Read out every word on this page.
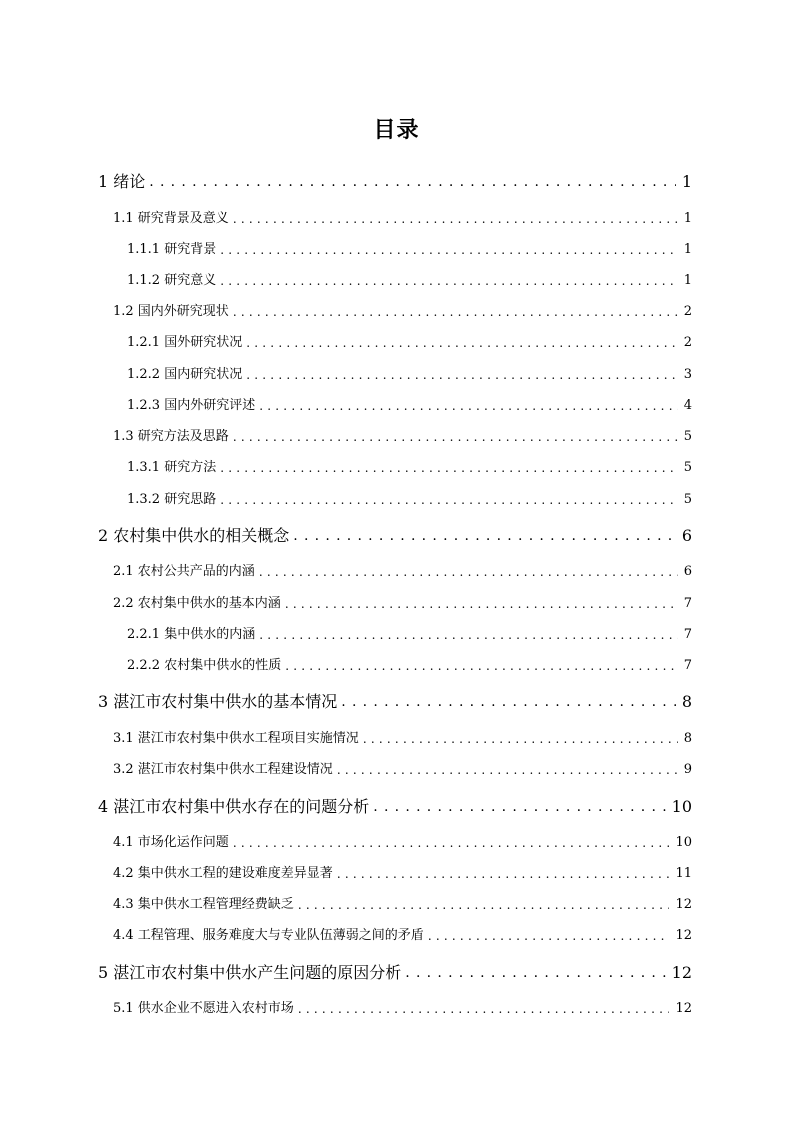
目录
1 绪论 . . .	1
1.1 研究背景及意义 . . .	1
1.1.1 研究背景 . . .	1
1.1.2 研究意义 . . .	1
1.2 国内外研究现状 . . .	2
1.2.1 国外研究状况 . . .	2
1.2.2 国内研究状况 . . .	3
1.2.3 国内外研究评述 . . .	4
1.3 研究方法及思路 . . .	5
1.3.1 研究方法 . . .	5
1.3.2 研究思路 . . .	5
2 农村集中供水的相关概念 . . .	6
2.1 农村公共产品的内涵 . . .	6
2.2 农村集中供水的基本内涵 . . .	7
2.2.1 集中供水的内涵 . . .	7
2.2.2 农村集中供水的性质 . . .	7
3 湛江市农村集中供水的基本情况 . . .	8
3.1 湛江市农村集中供水工程项目实施情况 . . .	8
3.2 湛江市农村集中供水工程建设情况 . . .	9
4 湛江市农村集中供水存在的问题分析 . . .	10
4.1 市场化运作问题 . . .	10
4.2 集中供水工程的建设难度差异显著 . . .	11
4.3 集中供水工程管理经费缺乏 . . .	12
4.4 工程管理、服务难度大与专业队伍薄弱之间的矛盾 . . .	12
5 湛江市农村集中供水产生问题的原因分析 . . .	12
5.1 供水企业不愿进入农村市场 . . .	12
